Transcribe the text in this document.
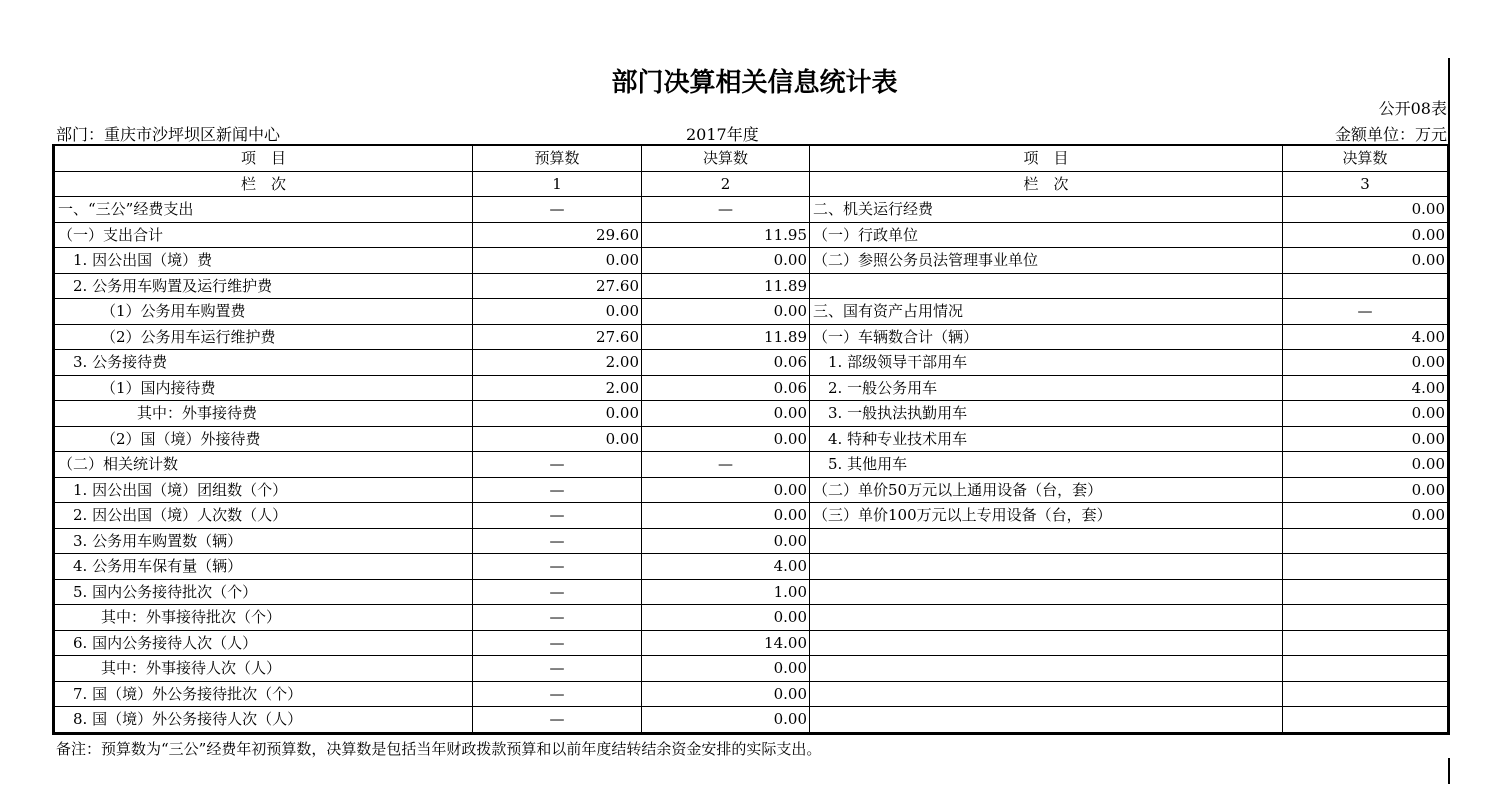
部门决算相关信息统计表
公开08表
部门：重庆市沙坪坝区新闻中心	2017年度	金额单位：万元
项　目	预算数	决算数	项　目	决算数
栏　次	1	2	栏　次	3
一、“三公”经费支出	—	—	二、机关运行经费	0.00
（一）支出合计	29.60	11.95	（一）行政单位	0.00
1. 因公出国（境）费	0.00	0.00	（二）参照公务员法管理事业单位	0.00
2. 公务用车购置及运行维护费	27.60	11.89		
（1）公务用车购置费	0.00	0.00	三、国有资产占用情况	—
（2）公务用车运行维护费	27.60	11.89	（一）车辆数合计（辆）	4.00
3. 公务接待费	2.00	0.06	1. 部级领导干部用车	0.00
（1）国内接待费	2.00	0.06	2. 一般公务用车	4.00
其中：外事接待费	0.00	0.00	3. 一般执法执勤用车	0.00
（2）国（境）外接待费	0.00	0.00	4. 特种专业技术用车	0.00
（二）相关统计数	—	—	5. 其他用车	0.00
1. 因公出国（境）团组数（个）	—	0.00	（二）单价50万元以上通用设备（台，套）	0.00
2. 因公出国（境）人次数（人）	—	0.00	（三）单价100万元以上专用设备（台，套）	0.00
3. 公务用车购置数（辆）	—	0.00		
4. 公务用车保有量（辆）	—	4.00		
5. 国内公务接待批次（个）	—	1.00		
其中：外事接待批次（个）	—	0.00		
6. 国内公务接待人次（人）	—	14.00		
其中：外事接待人次（人）	—	0.00		
7. 国（境）外公务接待批次（个）	—	0.00		
8. 国（境）外公务接待人次（人）	—	0.00		
备注：预算数为“三公”经费年初预算数，决算数是包括当年财政拨款预算和以前年度结转结余资金安排的实际支出。
